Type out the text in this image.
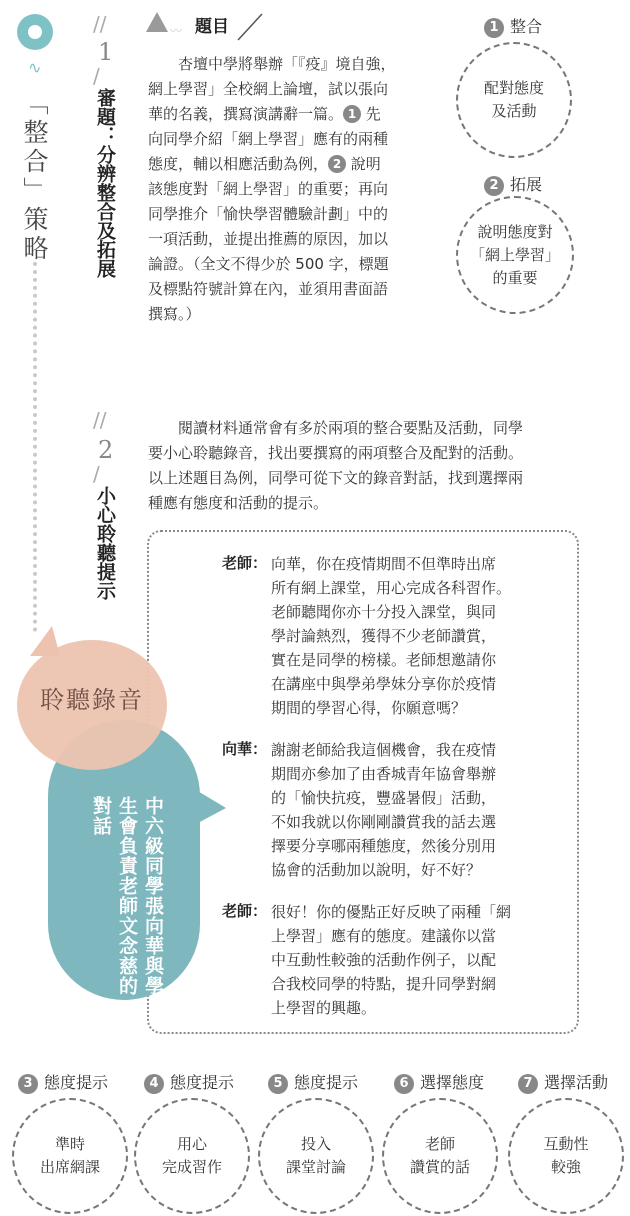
∿
「整合」策略
//
1
/
審題：分辨整合及拓展
〰 題目
杏壇中學將舉辦「『疫』境自強，
網上學習」全校網上論壇，試以張向
華的名義，撰寫演講辭一篇。 1 先
向同學介紹「網上學習」應有的兩種
態度，輔以相應活動為例， 2 說明
該態度對「網上學習」的重要；再向
同學推介「愉快學習體驗計劃」中的
一項活動，並提出推薦的原因，加以
論證。（全文不得少於 500 字，標題
及標點符號計算在內，並須用書面語
撰寫。）
1 整合
配對態度
及活動
2 拓展
說明態度對
「網上學習」
的重要
//
2
/
小心聆聽提示
閱讀材料通常會有多於兩項的整合要點及活動，同學
要小心聆聽錄音，找出要撰寫的兩項整合及配對的活動。
以上述題目為例，同學可從下文的錄音對話，找到選擇兩
種應有態度和活動的提示。
老師： 向華，你在疫情期間不但準時出席
所有網上課堂，用心完成各科習作。
老師聽聞你亦十分投入課堂，與同
學討論熱烈，獲得不少老師讚賞，
實在是同學的榜樣。老師想邀請你
在講座中與學弟學妹分享你於疫情
期間的學習心得，你願意嗎？
向華： 謝謝老師給我這個機會，我在疫情
期間亦參加了由香城青年協會舉辦
的「愉快抗疫，豐盛暑假」活動，
不如我就以你剛剛讚賞我的話去選
擇要分享哪兩種態度，然後分別用
協會的活動加以說明，好不好？
老師： 很好！你的優點正好反映了兩種「網
上學習」應有的態度。建議你以當
中互動性較強的活動作例子，以配
合我校同學的特點，提升同學對網
上學習的興趣。
聆聽錄音
中六級同學張向華與學生會負責老師文念慈的對話
3 態度提示
準時
出席網課
4 態度提示
用心
完成習作
5 態度提示
投入
課堂討論
6 選擇態度
老師
讚賞的話
7 選擇活動
互動性
較強
